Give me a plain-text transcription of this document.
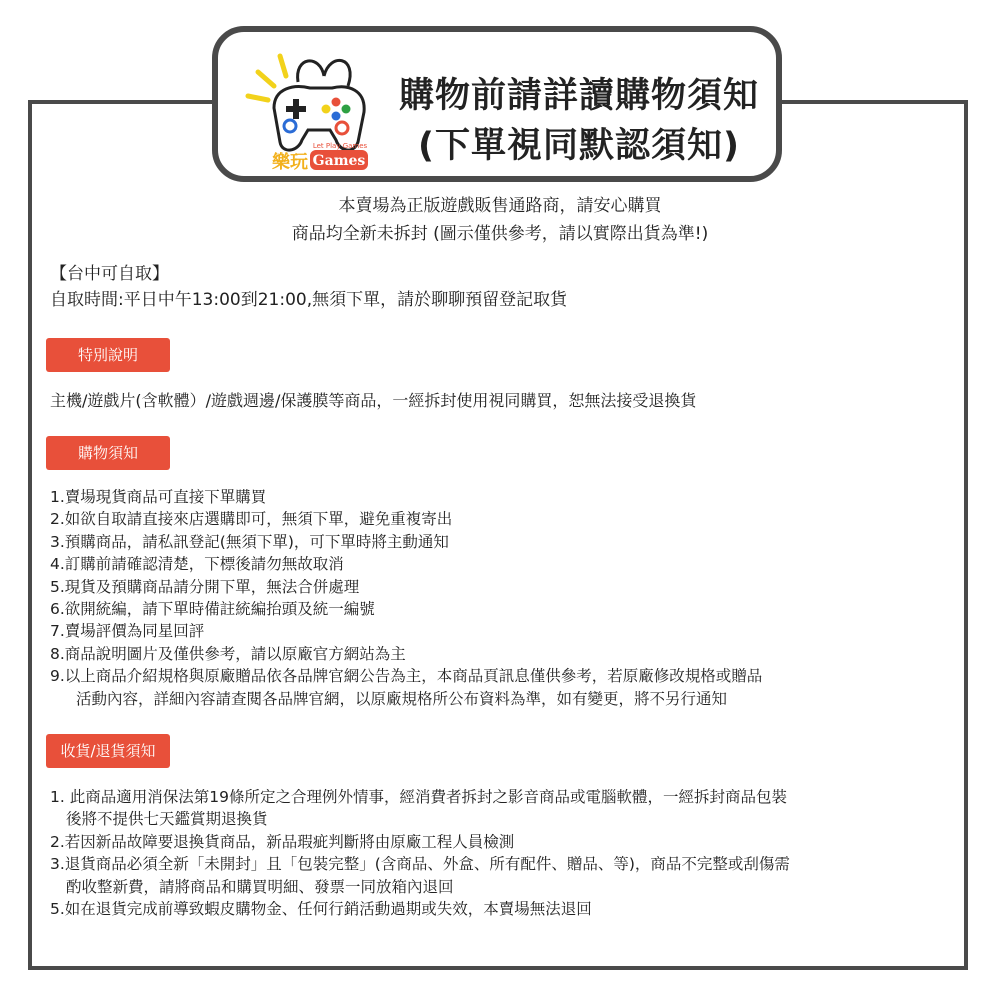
樂玩 Games
Let Play Games
購物前請詳讀購物須知
(下單視同默認須知)
本賣場為正版遊戲販售通路商，請安心購買
商品均全新未拆封 (圖示僅供參考，請以實際出貨為準!)
【台中可自取】
自取時間:平日中午13:00到21:00,無須下單，請於聊聊預留登記取貨
特別說明
主機/遊戲片(含軟體）/遊戲週邊/保護膜等商品，一經拆封使用視同購買，恕無法接受退換貨
購物須知
1.賣場現貨商品可直接下單購買
2.如欲自取請直接來店選購即可，無須下單，避免重複寄出
3.預購商品，請私訊登記(無須下單)，可下單時將主動通知
4.訂購前請確認清楚，下標後請勿無故取消
5.現貨及預購商品請分開下單，無法合併處理
6.欲開統編，請下單時備註統編抬頭及統一編號
7.賣場評價為同星回評
8.商品說明圖片及僅供參考，請以原廠官方網站為主
9.以上商品介紹規格與原廠贈品依各品牌官網公告為主，本商品頁訊息僅供參考，若原廠修改規格或贈品
活動內容，詳細內容請查閱各品牌官網，以原廠規格所公布資料為準，如有變更，將不另行通知
收貨/退貨須知
1. 此商品適用消保法第19條所定之合理例外情事，經消費者拆封之影音商品或電腦軟體，一經拆封商品包裝
後將不提供七天鑑賞期退換貨
2.若因新品故障要退換貨商品，新品瑕疵判斷將由原廠工程人員檢測
3.退貨商品必須全新「未開封」且「包裝完整」(含商品、外盒、所有配件、贈品、等)，商品不完整或刮傷需
酌收整新費，請將商品和購買明細、發票一同放箱內退回
5.如在退貨完成前導致蝦皮購物金、任何行銷活動過期或失效，本賣場無法退回
